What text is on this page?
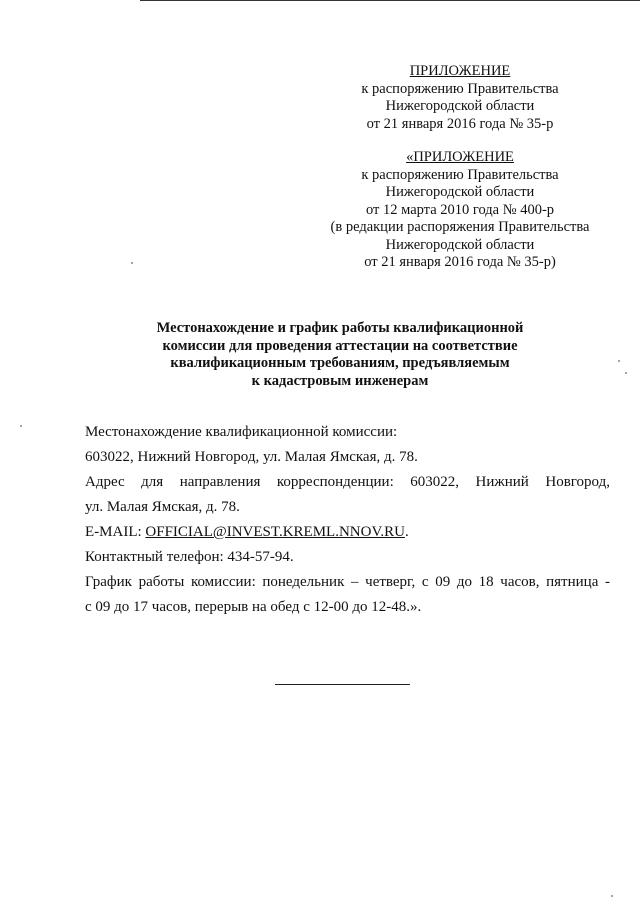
ПРИЛОЖЕНИЕ
к распоряжению Правительства
Нижегородской области
от 21 января 2016 года № 35-р
«ПРИЛОЖЕНИЕ
к распоряжению Правительства
Нижегородской области
от 12 марта 2010 года № 400-р
(в редакции распоряжения Правительства
Нижегородской области
от 21 января 2016 года № 35-р)
Местонахождение и график работы квалификационной
комиссии для проведения аттестации на соответствие
квалификационным требованиям, предъявляемым
к кадастровым инженерам
Местонахождение квалификационной комиссии:
603022, Нижний Новгород, ул. Малая Ямская, д. 78.
Адрес для направления корреспонденции: 603022, Нижний Новгород,
ул. Малая Ямская, д. 78.
E-MAIL: OFFICIAL@INVEST.KREML.NNOV.RU.
Контактный телефон: 434-57-94.
График работы комиссии: понедельник – четверг, с 09 до 18 часов, пятница -
с 09 до 17 часов, перерыв на обед с 12-00 до 12-48.».
